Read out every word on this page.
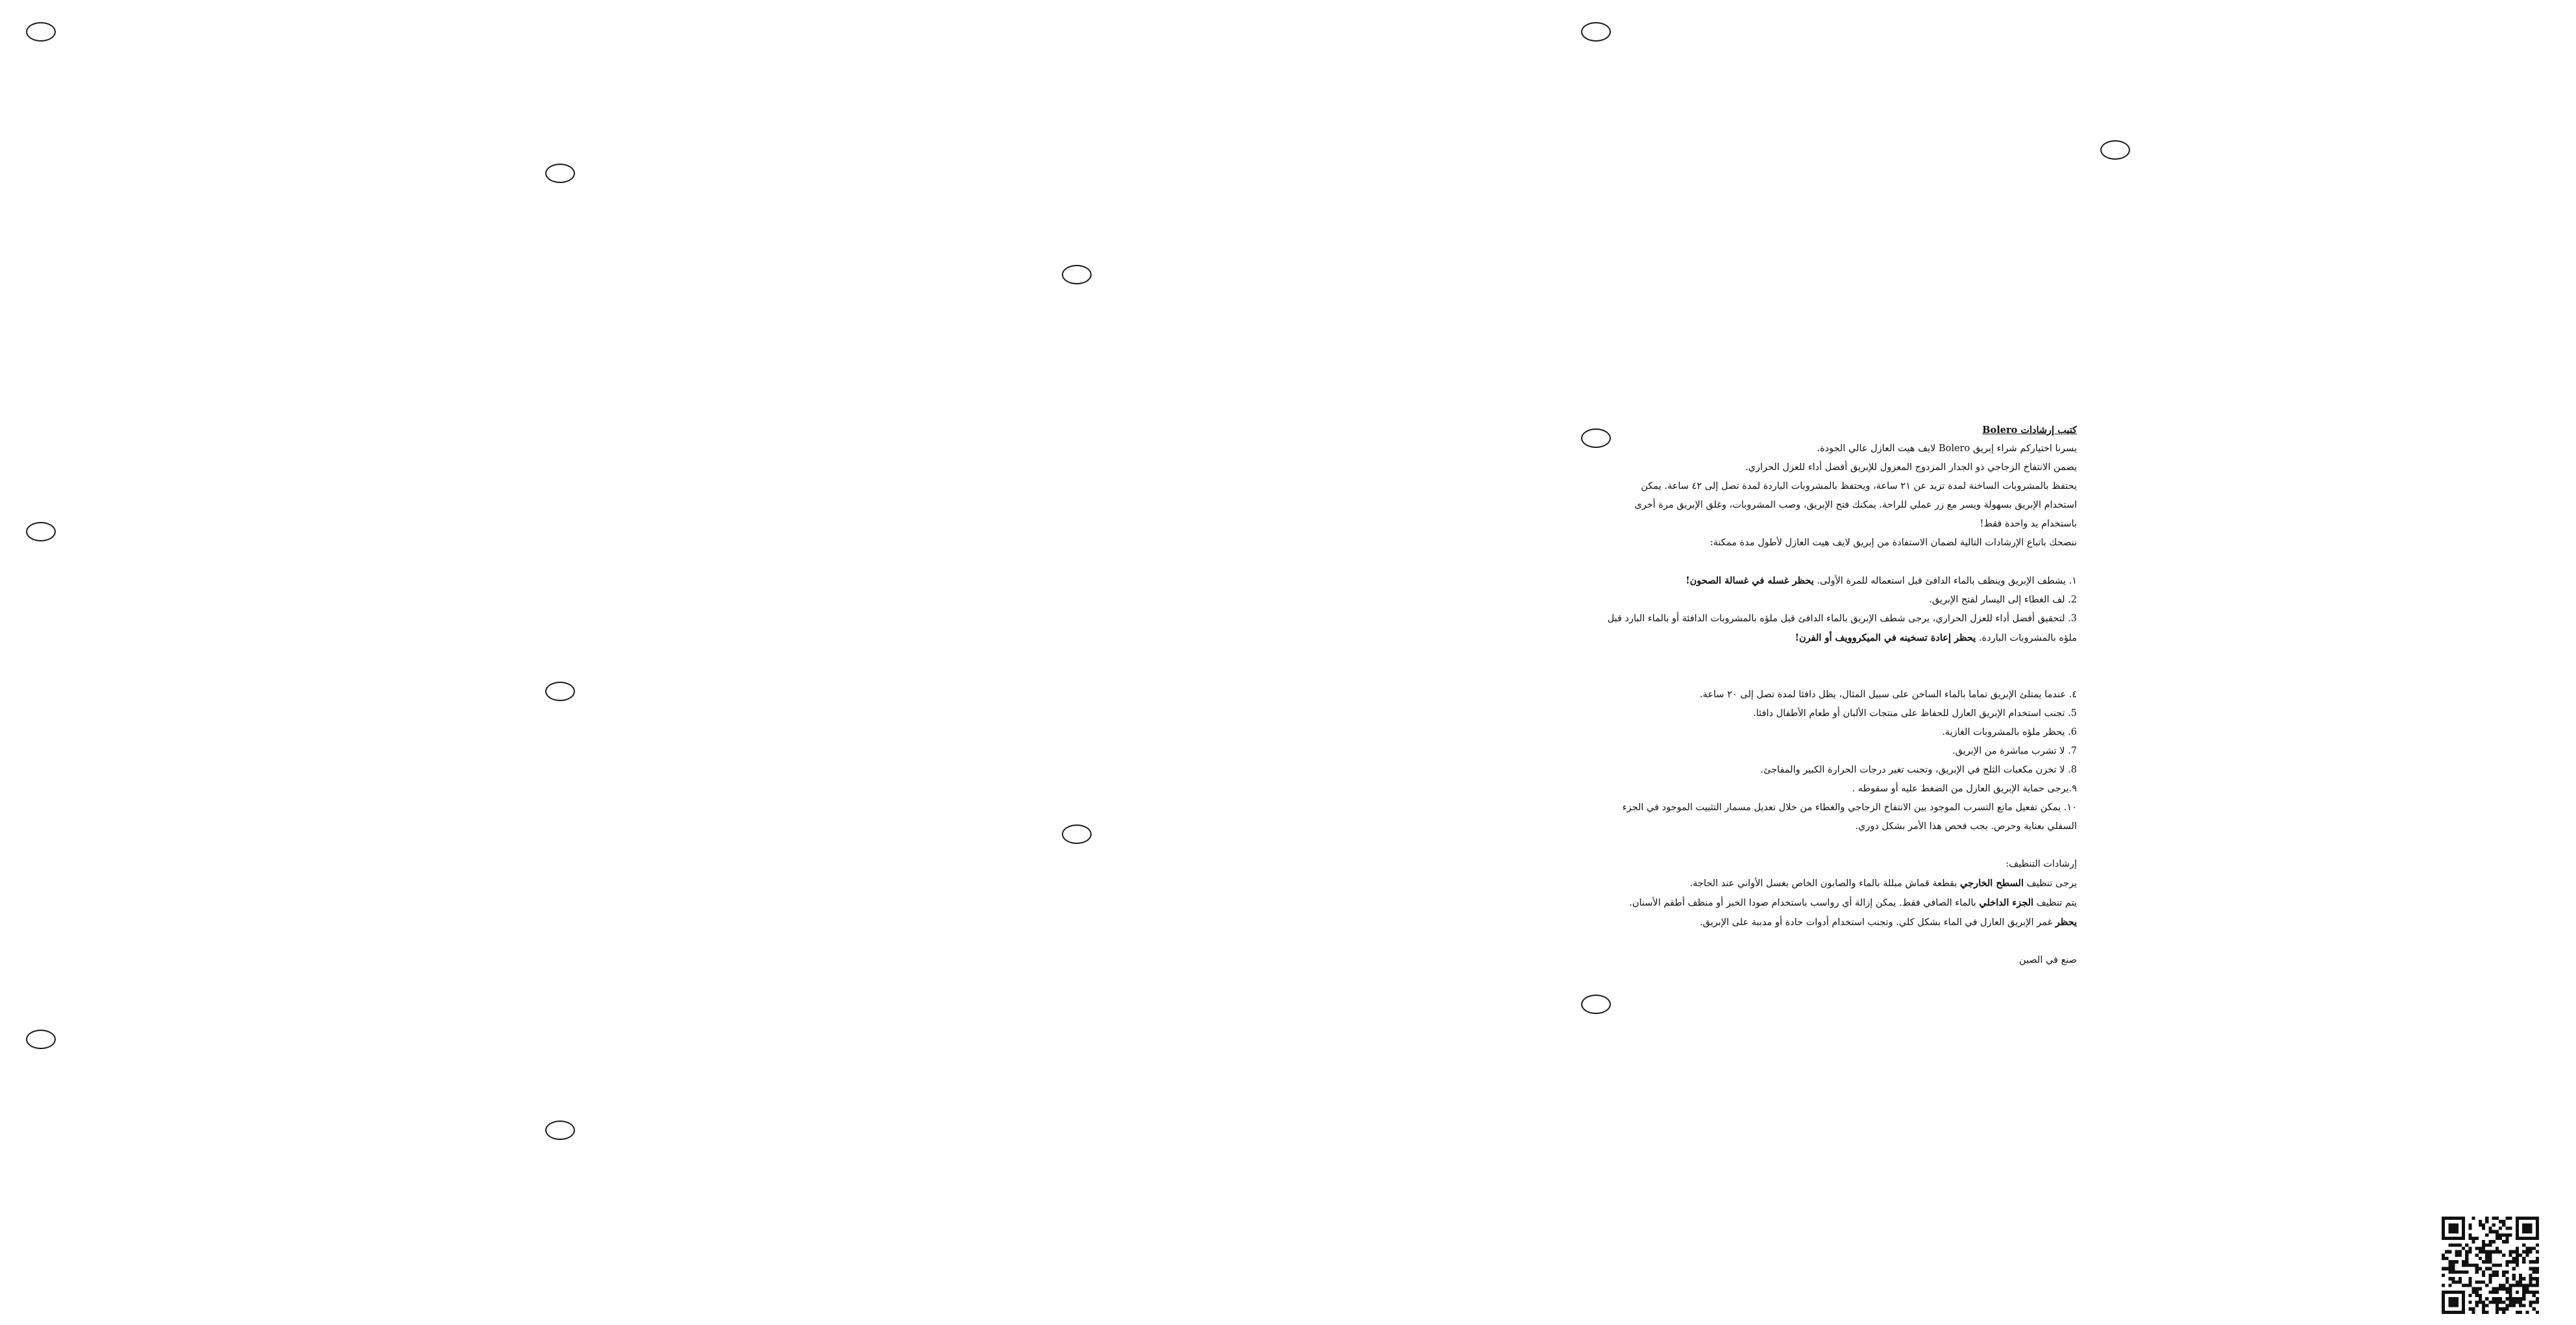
كتيب إرشادات Bolero
يسرنا اختياركم شراء إبريق Bolero لايف هيت العازل عالي الجودة.
يضمن الانتفاخ الزجاجي ذو الجدار المزدوج المعزول للإبريق أفضل أداء للعزل الحراري.
يحتفظ بالمشروبات الساخنة لمدة تزيد عن ٢١ ساعة، ويحتفظ بالمشروبات الباردة لمدة تصل إلى ٤٢ ساعة. يمكن
استخدام الإبريق بسهولة ويسر مع زر عملي للراحة. يمكنك فتح الإبريق، وصب المشروبات، وغلق الإبريق مرة أخرى
باستخدام يد واحدة فقط!
ننصحك باتباع الإرشادات التالية لضمان الاستفادة من إبريق لايف هيت العازل لأطول مدة ممكنة:
١. يشطف الإبريق وينظف بالماء الدافئ قبل استعماله للمرة الأولى. يحظر غسله في غسالة الصحون!
2. لف الغطاء إلى اليسار لفتح الإبريق.
3. لتحقيق أفضل أداء للعزل الحراري، يرجى شطف الإبريق بالماء الدافئ قبل ملؤه بالمشروبات الدافئة أو بالماء البارد قبل
ملؤه بالمشروبات الباردة. يحظر إعادة تسخينه في الميكروويف أو الفرن!
٤. عندما يمتلئ الإبريق تماما بالماء الساخن على سبيل المثال، يظل دافئا لمدة تصل إلى ٢٠ ساعة.
5. تجنب استخدام الإبريق العازل للحفاظ على منتجات الألبان أو طعام الأطفال دافئا.
6. يحظر ملؤه بالمشروبات الغازية.
7. لا تشرب مباشرة من الإبريق.
8. لا تخزن مكعبات الثلج في الإبريق، وتجنب تغير درجات الحرارة الكبير والمفاجئ.
٩.يرجى حماية الإبريق العازل من الضغط عليه أو سقوطه .
١٠. يمكن تفعيل مانع التسرب الموجود بين الانتفاخ الزجاجي والغطاء من خلال تعديل مسمار التثبيت الموجود في الجزء
السفلي بعناية وحرص. يجب فحص هذا الأمر بشكل دوري.
إرشادات التنظيف:
يرجى تنظيف السطح الخارجي بقطعة قماش مبللة بالماء والصابون الخاص بغسل الأواني عند الحاجة.
يتم تنظيف الجزء الداخلي بالماء الصافي فقط. يمكن إزالة أي رواسب باستخدام صودا الخبز أو منظف أطقم الأسنان.
يحظر غمر الإبريق العازل في الماء بشكل كلي. وتجنب استخدام أدوات حادة أو مدببة على الإبريق.
صنع في الصين
